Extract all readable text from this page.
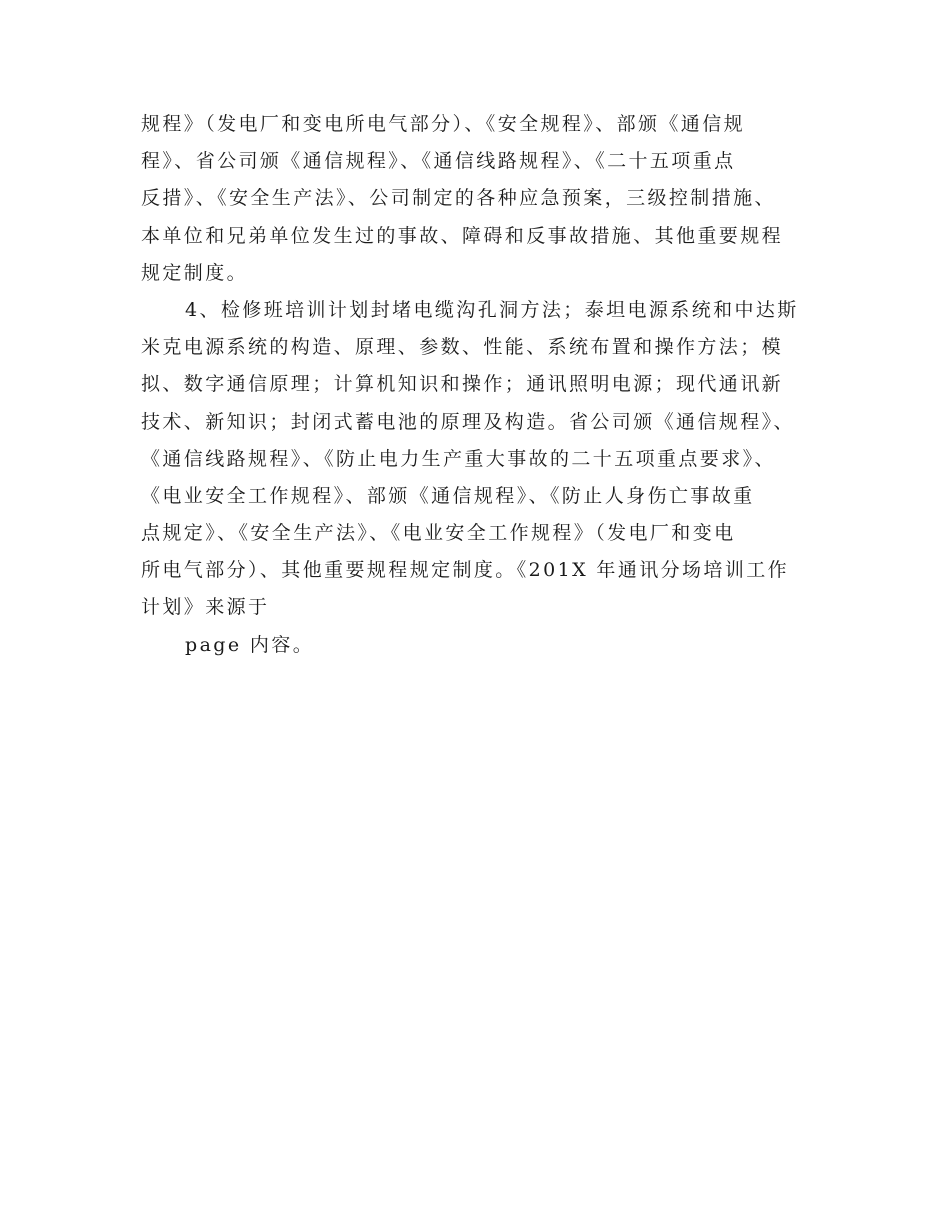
规程》（发电厂和变电所电气部分）、《安全规程》、部颁《通信规
程》、省公司颁《通信规程》、《通信线路规程》、《二十五项重点
反措》、《安全生产法》、公司制定的各种应急预案，三级控制措施、
本单位和兄弟单位发生过的事故、障碍和反事故措施、其他重要规程
规定制度。
4、检修班培训计划封堵电缆沟孔洞方法；泰坦电源系统和中达斯
米克电源系统的构造、原理、参数、性能、系统布置和操作方法；模
拟、数字通信原理；计算机知识和操作；通讯照明电源；现代通讯新
技术、新知识；封闭式蓄电池的原理及构造。省公司颁《通信规程》、
《通信线路规程》、《防止电力生产重大事故的二十五项重点要求》、
《电业安全工作规程》、部颁《通信规程》、《防止人身伤亡事故重
点规定》、《安全生产法》、《电业安全工作规程》（发电厂和变电
所电气部分）、其他重要规程规定制度。《201X 年通讯分场培训工作
计划》来源于
page 内容。
